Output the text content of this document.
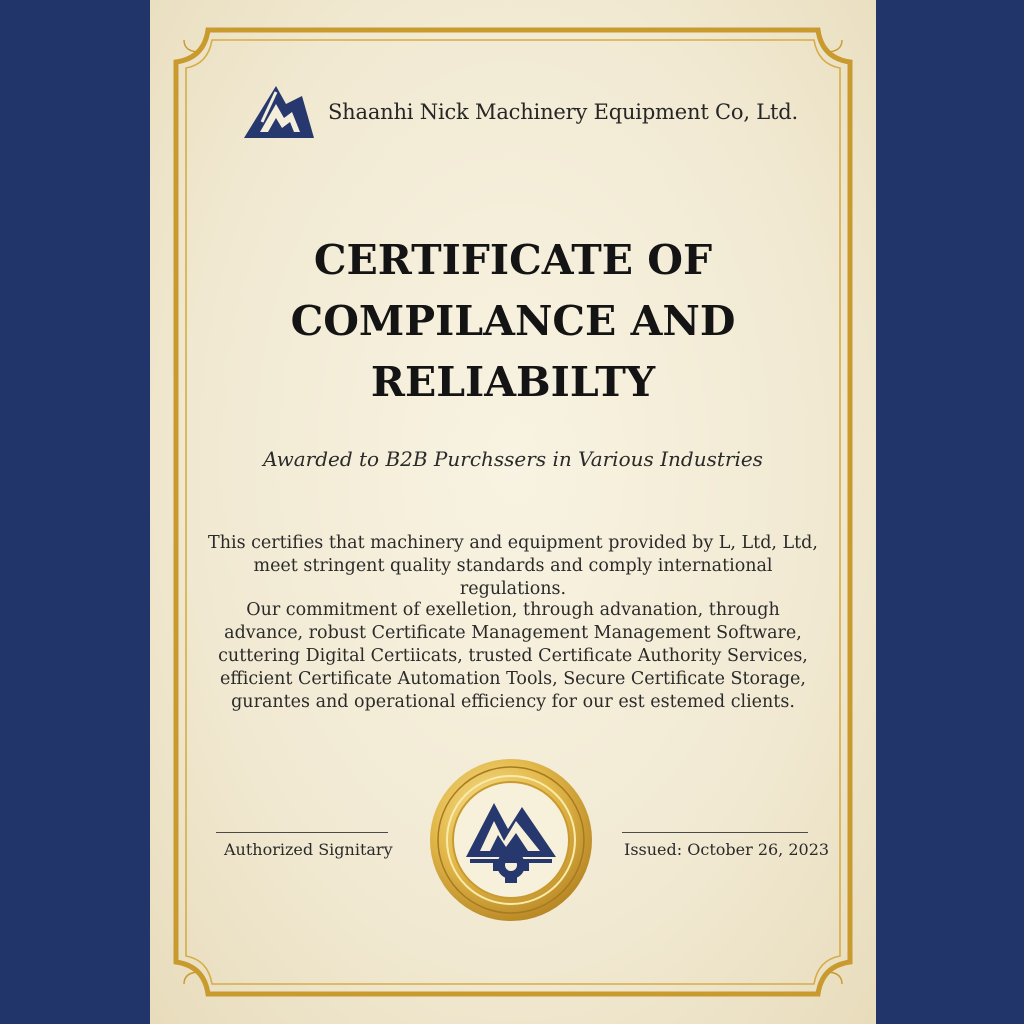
Shaanhi Nick Machinery Equipment Co, Ltd.
CERTIFICATE OF
COMPILANCE AND
RELIABILTY
Awarded to B2B Purchssers in Various Industries

This certifies that machinery and equipment provided by L, Ltd, Ltd, meet stringent quality standards and comply international regulations.

Our commitment of exelletion, through advanation, through advance, robust Certificate Management Management Software, cuttering Digital Certiicats, trusted Certificate Authority Services, efficient Certificate Automation Tools, Secure Certificate Storage, gurantes and operational efficiency for our est estemed clients.

Authorized Signitary	Issued: October 26, 2023
